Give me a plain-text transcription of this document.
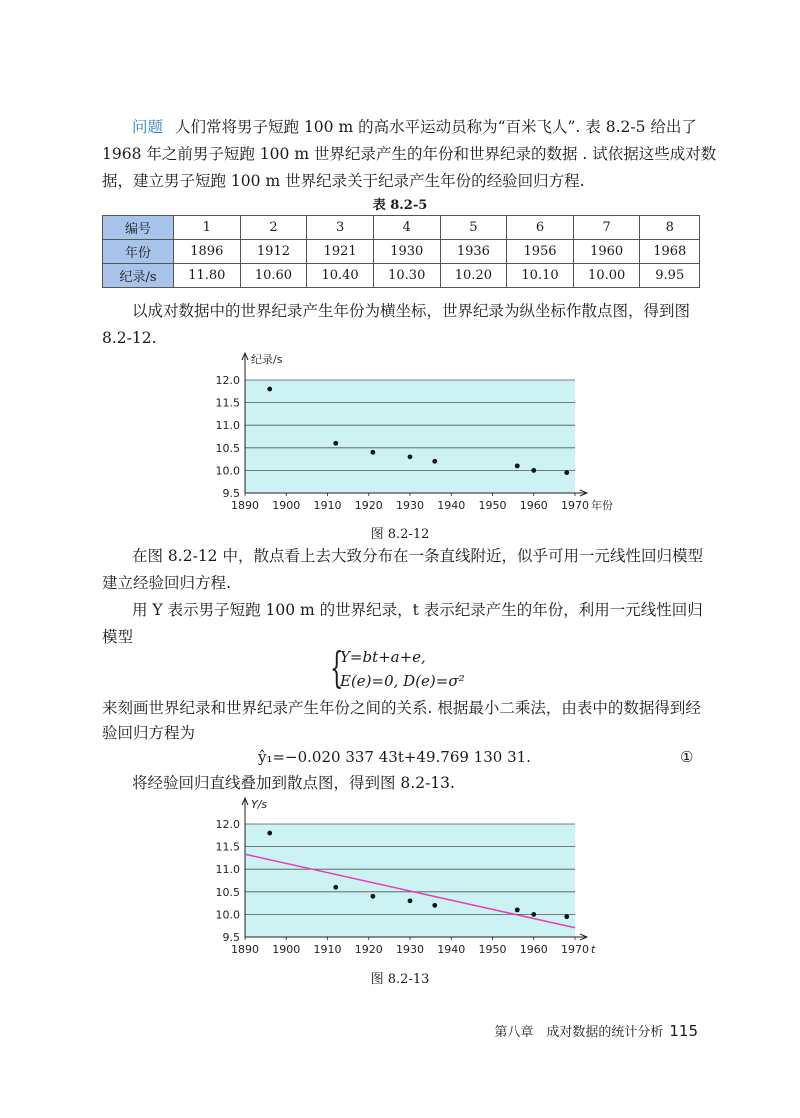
问题 人们常将男子短跑 100 m 的高水平运动员称为“百米飞人”. 表 8.2-5 给出了
1968 年之前男子短跑 100 m 世界纪录产生的年份和世界纪录的数据 . 试依据这些成对数
据，建立男子短跑 100 m 世界纪录关于纪录产生年份的经验回归方程.
表 8.2-5
编号	1	2	3	4	5	6	7	8
年份	1896	1912	1921	1930	1936	1956	1960	1968
纪录/s	11.80	10.60	10.40	10.30	10.20	10.10	10.00	9.95
以成对数据中的世界纪录产生年份为横坐标，世界纪录为纵坐标作散点图，得到图
8.2-12.
9.5
10.0
10.5
11.0
11.5
12.0
1890 1900 1910 1920 1930 1940 1950 1960 1970
纪录/s
年份
图 8.2-12
在图 8.2-12 中，散点看上去大致分布在一条直线附近，似乎可用一元线性回归模型
建立经验回归方程.
用 Y 表示男子短跑 100 m 的世界纪录，t 表示纪录产生的年份，利用一元线性回归
模型
{
Y=bt+a+e,
E(e)=0, D(e)=σ²
来刻画世界纪录和世界纪录产生年份之间的关系. 根据最小二乘法，由表中的数据得到经
验回归方程为
ŷ₁=−0.020 337 43t+49.769 130 31.	①
将经验回归直线叠加到散点图，得到图 8.2-13.
9.5
10.0
10.5
11.0
11.5
12.0
1890 1900 1910 1920 1930 1940 1950 1960 1970
Y/s
t
图 8.2-13
第八章　成对数据的统计分析 115
